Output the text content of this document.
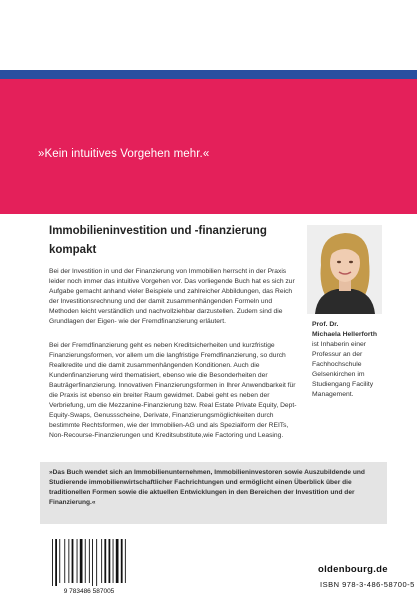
»Kein intuitives Vorgehen mehr.«
Immobilieninvestition und -finanzierung kompakt
Bei der Investition in und der Finanzierung von Immobilien herrscht in der Praxis leider noch immer das intuitive Vorgehen vor. Das vorliegende Buch hat es sich zur Aufgabe gemacht anhand vieler Beispiele und zahlreicher Abbildungen, das Reich der Investitionsrechnung und der damit zusammenhängenden Formeln und Methoden leicht verständlich und nachvollziehbar darzustellen. Zudem sind die Grundlagen der Eigen- wie der Fremdfinanzierung erläutert.
Bei der Fremdfinanzierung geht es neben Kreditsicherheiten und kurzfristige Finanzierungsformen, vor allem um die langfristige Fremdfinanzierung, so durch Realkredite und die damit zusammenhängenden Konditionen. Auch die Kundenfinanzierung wird thematisiert, ebenso wie die Besonderheiten der Bauträgerfinanzierung. Innovativen Finanzierungsformen in Ihrer Anwendbarkeit für die Praxis ist ebenso ein breiter Raum gewidmet. Dabei geht es neben der Verbriefung, um die Mezzanine-Finanzierung bzw. Real Estate Private Equity, Dept-Equity-Swaps, Genussscheine, Derivate, Finanzierungsmöglichkeiten durch bestimmte Rechtsformen, wie der Immobilien-AG und als Spezialform der REITs, Non-Recourse-Finanzierungen und Kreditsubstitute,wie Factoring und Leasing.
Prof. Dr.
Michaela Hellerforth
ist Inhaberin einer Professur an der Fachhochschule Gelsenkirchen im Studiengang Facility Management.
»Das Buch wendet sich an Immobilienunternehmen, Immobilieninvestoren sowie Auszubildende und Studierende immobilienwirtschaftlicher Fachrichtungen und ermöglicht einen Überblick über die traditionellen Formen sowie die aktuellen Entwicklungen in den Bereichen der Investition und der Finanzierung.«
9 783486 587005
oldenbourg.de
ISBN 978-3-486-58700-5
